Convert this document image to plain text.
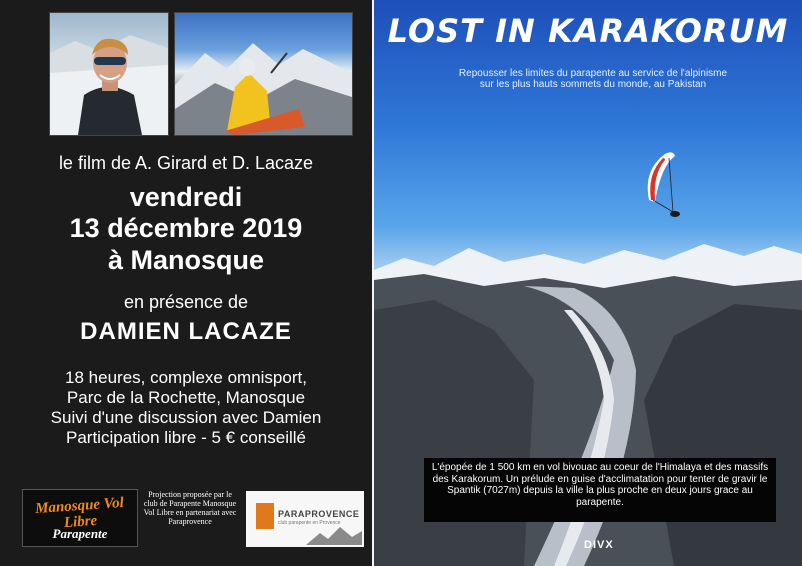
le film de A. Girard et D. Lacaze
vendredi
13 décembre 2019
à Manosque
en présence de
DAMIEN LACAZE
18 heures, complexe omnisport,
Parc de la Rochette, Manosque
Suivi d'une discussion avec Damien
Participation libre - 5 € conseillé
Manosque Vol Libre
Parapente
Projection proposée par le club de Parapente Manosque Vol Libre en partenariat avec Paraprovence
PARAPROVENCE
club parapente en Provence
LOST IN KARAKORUM
Repousser les limites du parapente au service de l'alpinisme sur les plus hauts sommets du monde, au Pakistan
L'épopée de 1 500 km en vol bivouac au coeur de l'Himalaya et des massifs des Karakorum. Un prélude en guise d'acclimatation pour tenter de gravir le Spantik (7027m) depuis la ville la plus proche en deux jours grace au parapente.
DIVX
